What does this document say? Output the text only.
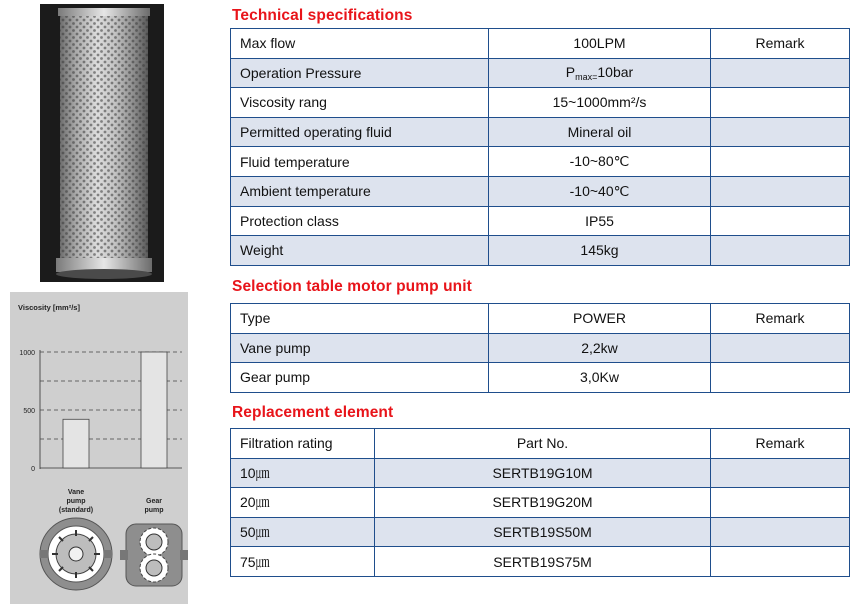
Viscosity [mm²/s]
1000
500
0
Vane
pump
(standard)
Gear
pump
Technical specifications
Max flow	100LPM	Remark
Operation Pressure	$P_{max=}10bar$	
Viscosity rang	15~1000mm²/s	
Permitted operating fluid	Mineral oil	
Fluid temperature	-10~80℃	
Ambient temperature	-10~40℃	
Protection class	IP55	
Weight	145kg	
Selection table motor pump unit
Type	POWER	Remark
Vane pump	2,2kw	
Gear pump	3,0Kw	
Replacement element
Filtration rating	Part No.	Remark
10㎛	SERTB19G10M	
20㎛	SERTB19G20M	
50㎛	SERTB19S50M	
75㎛	SERTB19S75M	
